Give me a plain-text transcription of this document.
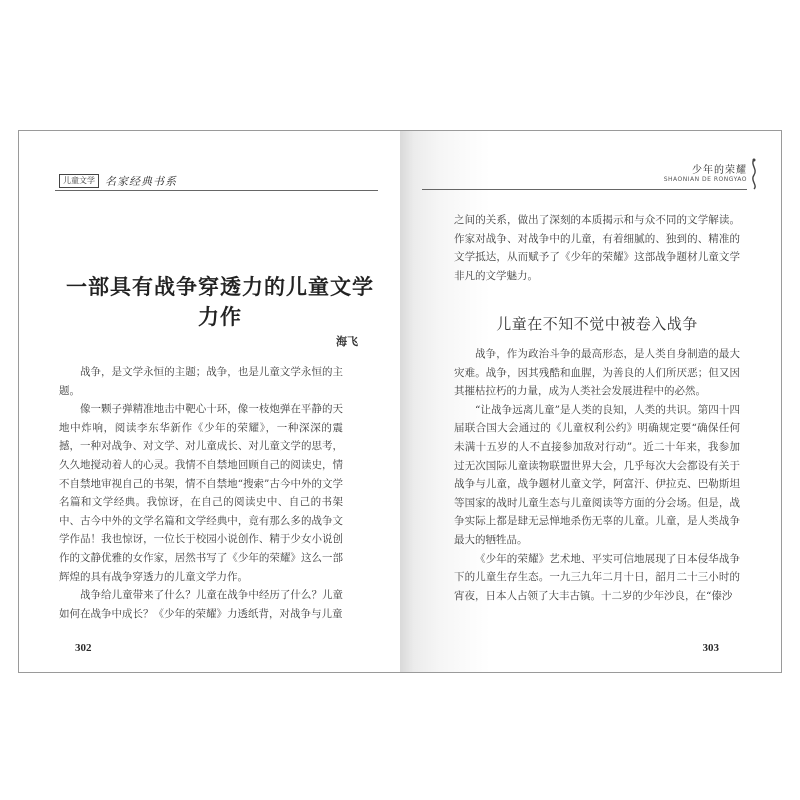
儿童文学 名家经典书系
一部具有战争穿透力的儿童文学力作
海飞

战争，是文学永恒的主题；战争，也是儿童文学永恒的主题。

像一颗子弹精准地击中靶心十环，像一枝炮弹在平静的天地中炸响，阅读李东华新作《少年的荣耀》，一种深深的震撼，一种对战争、对文学、对儿童成长、对儿童文学的思考，久久地搅动着人的心灵。我情不自禁地回顾自己的阅读史，情不自禁地审视自己的书架，情不自禁地“搜索”古今中外的文学名篇和文学经典。我惊讶，在自己的阅读史中、自己的书架中、古今中外的文学名篇和文学经典中，竟有那么多的战争文学作品！我也惊讶，一位长于校园小说创作、精于少女小说创作的文静优雅的女作家，居然书写了《少年的荣耀》这么一部辉煌的具有战争穿透力的儿童文学力作。

战争给儿童带来了什么？儿童在战争中经历了什么？儿童如何在战争中成长？《少年的荣耀》力透纸背，对战争与儿童

302
少年的荣耀
SHAONIAN DE RONGYAO

之间的关系，做出了深刻的本质揭示和与众不同的文学解读。作家对战争、对战争中的儿童，有着细腻的、独到的、精准的文学抵达，从而赋予了《少年的荣耀》这部战争题材儿童文学非凡的文学魅力。

儿童在不知不觉中被卷入战争

战争，作为政治斗争的最高形态，是人类自身制造的最大灾难。战争，因其残酷和血腥，为善良的人们所厌恶；但又因其摧枯拉朽的力量，成为人类社会发展进程中的必然。

“让战争远离儿童”是人类的良知，人类的共识。第四十四届联合国大会通过的《儿童权利公约》明确规定要“确保任何未满十五岁的人不直接参加敌对行动”。近二十年来，我参加过无次国际儿童读物联盟世界大会，几乎每次大会都设有关于战争与儿童，战争题材儿童文学，阿富汗、伊拉克、巴勒斯坦等国家的战时儿童生态与儿童阅读等方面的分会场。但是，战争实际上都是肆无忌惮地杀伤无辜的儿童。儿童，是人类战争最大的牺牲品。

《少年的荣耀》艺术地、平实可信地展现了日本侵华战争下的儿童生存生态。一九三九年二月十日，韶月二十三小时的宵夜，日本人占领了大丰古镇。十二岁的少年沙良，在“傣沙

303
